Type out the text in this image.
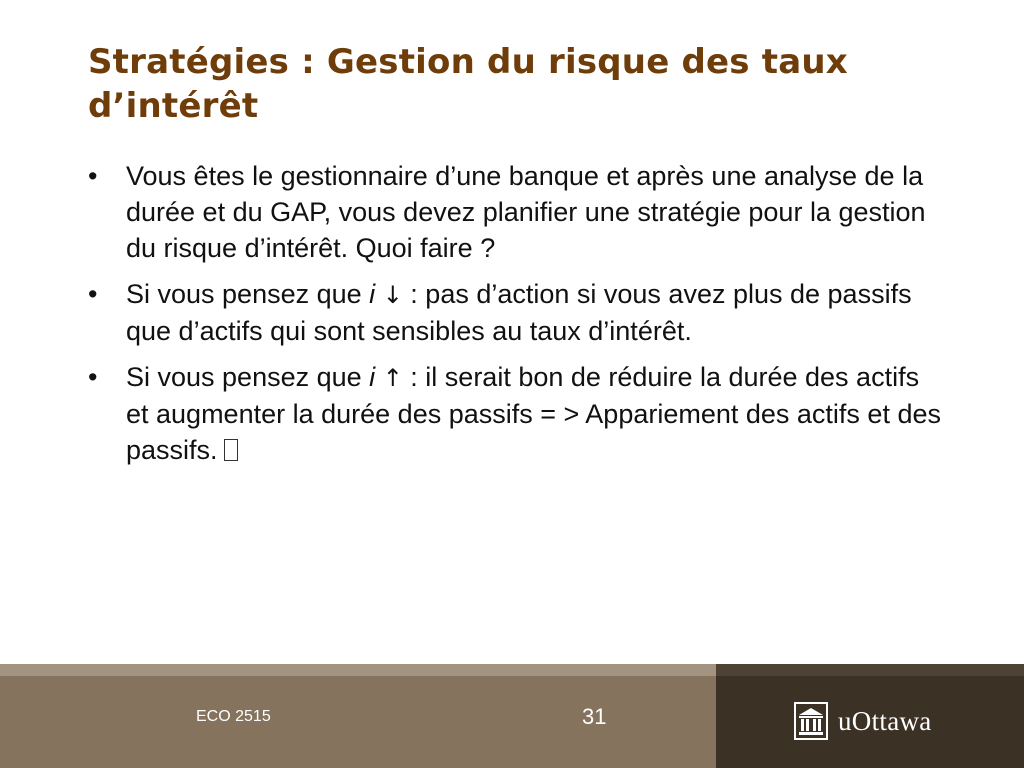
Stratégies : Gestion du risque des taux d’intérêt
• Vous êtes le gestionnaire d’une banque et après une analyse de la durée et du GAP, vous devez planifier une stratégie pour la gestion du risque d’intérêt. Quoi faire ?
• Si vous pensez que i ↓ : pas d’action si vous avez plus de passifs que d’actifs qui sont sensibles au taux d’intérêt.
• Si vous pensez que i ↑ : il serait bon de réduire la durée des actifs et augmenter la durée des passifs = > Appariement des actifs et des passifs.
ECO 2515	31	uOttawa
